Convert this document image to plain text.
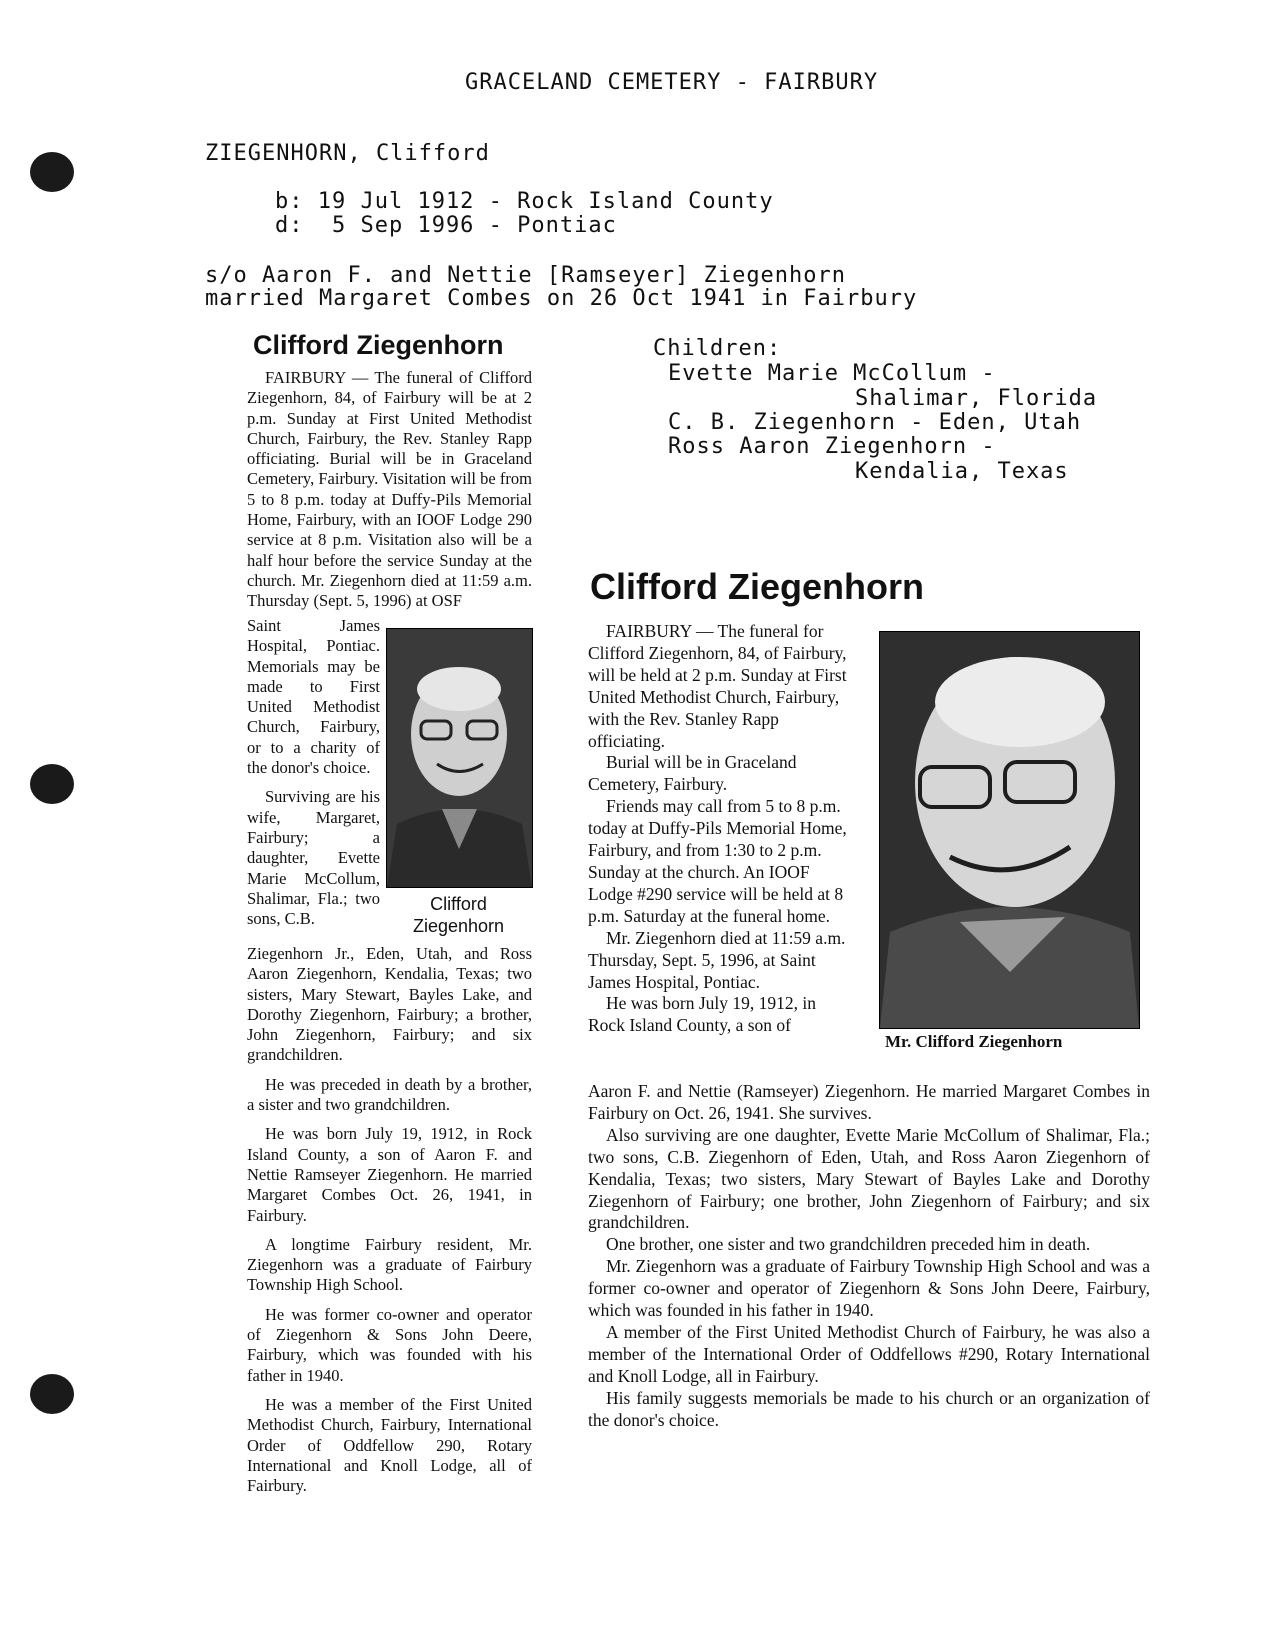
GRACELAND CEMETERY - FAIRBURY
ZIEGENHORN, Clifford
b: 19 Jul 1912 - Rock Island County
d:  5 Sep 1996 - Pontiac
s/o Aaron F. and Nettie [Ramseyer] Ziegenhorn
married Margaret Combes on 26 Oct 1941 in Fairbury
Children:
Evette Marie McCollum -
Shalimar, Florida
C. B. Ziegenhorn - Eden, Utah
Ross Aaron Ziegenhorn -
Kendalia, Texas
Clifford Ziegenhorn

FAIRBURY — The funeral of Clifford Ziegenhorn, 84, of Fairbury will be at 2 p.m. Sunday at First United Methodist Church, Fairbury, the Rev. Stanley Rapp officiating. Burial will be in Graceland Cemetery, Fairbury. Visitation will be from 5 to 8 p.m. today at Duffy-Pils Memorial Home, Fairbury, with an IOOF Lodge 290 service at 8 p.m. Visitation also will be a half hour before the service Sunday at the church. Mr. Ziegenhorn died at 11:59 a.m. Thursday (Sept. 5, 1996) at OSF

Saint James Hospital, Pontiac. Memorials may be made to First United Methodist Church, Fairbury, or to a charity of the donor's choice.

Surviving are his wife, Margaret, Fairbury; a daughter, Evette Marie McCollum, Shalimar, Fla.; two sons, C.B.

Clifford
Ziegenhorn

Ziegenhorn Jr., Eden, Utah, and Ross Aaron Ziegenhorn, Kendalia, Texas; two sisters, Mary Stewart, Bayles Lake, and Dorothy Ziegenhorn, Fairbury; a brother, John Ziegenhorn, Fairbury; and six grandchildren.

He was preceded in death by a brother, a sister and two grandchildren.

He was born July 19, 1912, in Rock Island County, a son of Aaron F. and Nettie Ramseyer Ziegenhorn. He married Margaret Combes Oct. 26, 1941, in Fairbury.

A longtime Fairbury resident, Mr. Ziegenhorn was a graduate of Fairbury Township High School.

He was former co-owner and operator of Ziegenhorn & Sons John Deere, Fairbury, which was founded with his father in 1940.

He was a member of the First United Methodist Church, Fairbury, International Order of Oddfellow 290, Rotary International and Knoll Lodge, all of Fairbury.

Clifford Ziegenhorn

FAIRBURY — The funeral for Clifford Ziegenhorn, 84, of Fairbury, will be held at 2 p.m. Sunday at First United Methodist Church, Fairbury, with the Rev. Stanley Rapp officiating.

Burial will be in Graceland Cemetery, Fairbury.

Friends may call from 5 to 8 p.m. today at Duffy-Pils Memorial Home, Fairbury, and from 1:30 to 2 p.m. Sunday at the church. An IOOF Lodge #290 service will be held at 8 p.m. Saturday at the funeral home.

Mr. Ziegenhorn died at 11:59 a.m. Thursday, Sept. 5, 1996, at Saint James Hospital, Pontiac.

He was born July 19, 1912, in Rock Island County, a son of

Mr. Clifford Ziegenhorn

Aaron F. and Nettie (Ramseyer) Ziegenhorn. He married Margaret Combes in Fairbury on Oct. 26, 1941. She survives.

Also surviving are one daughter, Evette Marie McCollum of Shalimar, Fla.; two sons, C.B. Ziegenhorn of Eden, Utah, and Ross Aaron Ziegenhorn of Kendalia, Texas; two sisters, Mary Stewart of Bayles Lake and Dorothy Ziegenhorn of Fairbury; one brother, John Ziegenhorn of Fairbury; and six grandchildren.

One brother, one sister and two grandchildren preceded him in death.

Mr. Ziegenhorn was a graduate of Fairbury Township High School and was a former co-owner and operator of Ziegenhorn & Sons John Deere, Fairbury, which was founded in his father in 1940.

A member of the First United Methodist Church of Fairbury, he was also a member of the International Order of Oddfellows #290, Rotary International and Knoll Lodge, all in Fairbury.

His family suggests memorials be made to his church or an organization of the donor's choice.
